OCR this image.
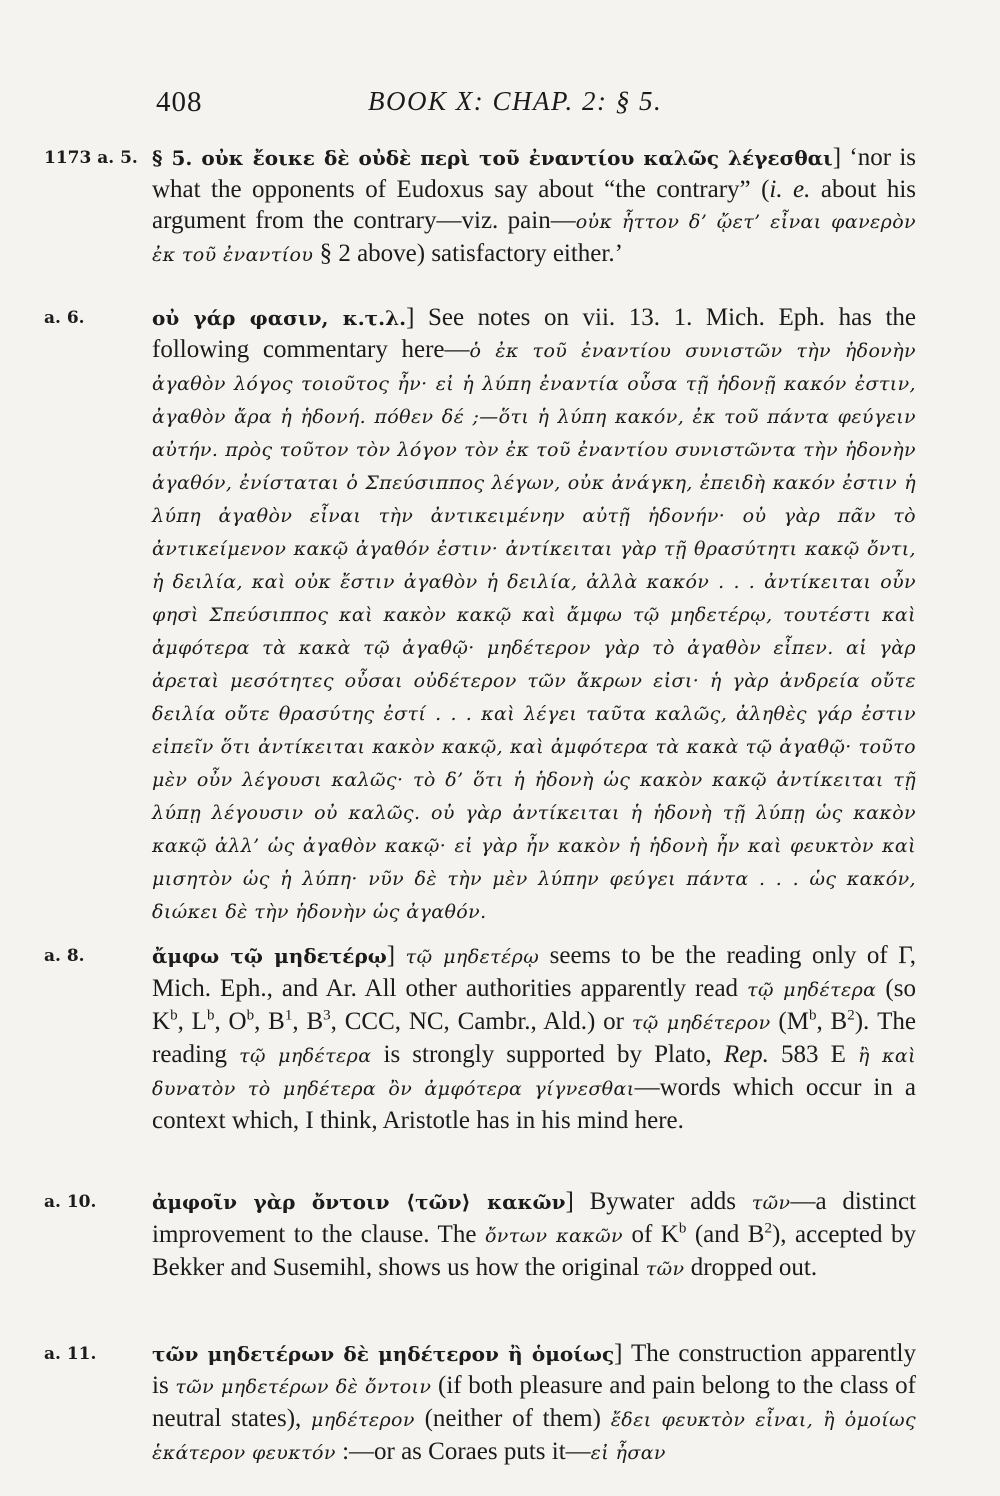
408	BOOK X: CHAP. 2: § 5.
1173 a. 5. § 5. οὐκ ἔοικε δὲ οὐδὲ περὶ τοῦ ἐναντίου καλῶς λέγεσθαι] ‘nor is what the opponents of Eudoxus say about “the contrary” (i. e. about his argument from the contrary—viz. pain—οὐκ ἧττον δ’ ᾤετ’ εἶναι φανερὸν ἐκ τοῦ ἐναντίου § 2 above) satisfactory either.’
a. 6.	οὐ γάρ φασιν, κ.τ.λ.] See notes on vii. 13. 1. Mich. Eph. has the following commentary here—ὁ ἐκ τοῦ ἐναντίου συνιστῶν τὴν ἡδονὴν ἀγαθὸν λόγος τοιοῦτος ἦν· εἰ ἡ λύπη ἐναντία οὖσα τῇ ἡδονῇ κακόν ἐστιν, ἀγαθὸν ἄρα ἡ ἡδονή. πόθεν δέ ;—ὅτι ἡ λύπη κακόν, ἐκ τοῦ πάντα φεύγειν αὐτήν. πρὸς τοῦτον τὸν λόγον τὸν ἐκ τοῦ ἐναντίου συνιστῶντα τὴν ἡδονὴν ἀγαθόν, ἐνίσταται ὁ Σπεύσιππος λέγων, οὐκ ἀνάγκη, ἐπειδὴ κακόν ἐστιν ἡ λύπη ἀγαθὸν εἶναι τὴν ἀντικειμένην αὐτῇ ἡδονήν· οὐ γὰρ πᾶν τὸ ἀντικείμενον κακῷ ἀγαθόν ἐστιν· ἀντίκειται γὰρ τῇ θρασύτητι κακῷ ὄντι, ἡ δειλία, καὶ οὐκ ἔστιν ἀγαθὸν ἡ δειλία, ἀλλὰ κακόν . . . ἀντίκειται οὖν φησὶ Σπεύσιππος καὶ κακὸν κακῷ καὶ ἄμφω τῷ μηδετέρῳ, τουτέστι καὶ ἀμφότερα τὰ κακὰ τῷ ἀγαθῷ· μηδέτερον γὰρ τὸ ἀγαθὸν εἶπεν. αἱ γὰρ ἀρεταὶ μεσότητες οὖσαι οὐδέτερον τῶν ἄκρων εἰσι· ἡ γὰρ ἀνδρεία οὔτε δειλία οὔτε θρασύτης ἐστί . . . καὶ λέγει ταῦτα καλῶς, ἀληθὲς γάρ ἐστιν εἰπεῖν ὅτι ἀντίκειται κακὸν κακῷ, καὶ ἀμφότερα τὰ κακὰ τῷ ἀγαθῷ· τοῦτο μὲν οὖν λέγουσι καλῶς· τὸ δ’ ὅτι ἡ ἡδονὴ ὡς κακὸν κακῷ ἀντίκειται τῇ λύπῃ λέγουσιν οὐ καλῶς. οὐ γὰρ ἀντίκειται ἡ ἡδονὴ τῇ λύπῃ ὡς κακὸν κακῷ ἀλλ’ ὡς ἀγαθὸν κακῷ· εἰ γὰρ ἦν κακὸν ἡ ἡδονὴ ἦν καὶ φευκτὸν καὶ μισητὸν ὡς ἡ λύπη· νῦν δὲ τὴν μὲν λύπην φεύγει πάντα . . . ὡς κακόν, διώκει δὲ τὴν ἡδονὴν ὡς ἀγαθόν.
a. 8.	ἄμφω τῷ μηδετέρῳ] τῷ μηδετέρῳ seems to be the reading only of Γ, Mich. Eph., and Ar. All other authorities apparently read τῷ μηδέτερα (so $K^b$, $L^b$, $O^b$, $B^1$, $B^3$, CCC, NC, Cambr., Ald.) or τῷ μηδέτερον ($M^b$, $B^2$). The reading τῷ μηδέτερα is strongly supported by Plato, Rep. 583 E ἢ καὶ δυνατὸν τὸ μηδέτερα ὂν ἀμφότερα γίγνεσθαι—words which occur in a context which, I think, Aristotle has in his mind here.
a. 10.	ἀμφοῖν γὰρ ὄντοιν ⟨τῶν⟩ κακῶν] Bywater adds τῶν—a distinct improvement to the clause. The ὄντων κακῶν of $K^b$ (and $B^2$), accepted by Bekker and Susemihl, shows us how the original τῶν dropped out.
a. 11.	τῶν μηδετέρων δὲ μηδέτερον ἢ ὁμοίως] The construction apparently is τῶν μηδετέρων δὲ ὄντοιν (if both pleasure and pain belong to the class of neutral states), μηδέτερον (neither of them) ἔδει φευκτὸν εἶναι, ἢ ὁμοίως ἑκάτερον φευκτόν :—or as Coraes puts it—εἰ ἦσαν
